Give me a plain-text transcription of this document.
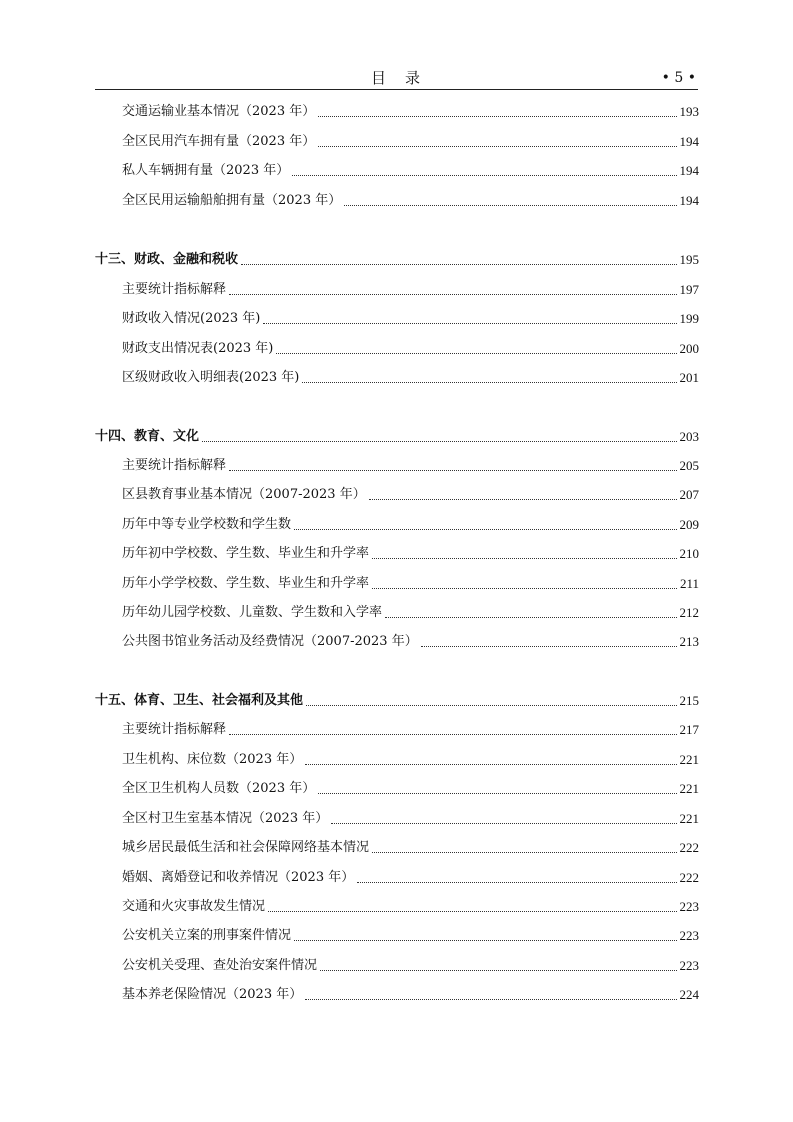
目　录	• 5 •
交通运输业基本情况（2023 年）	193
全区民用汽车拥有量（2023 年）	194
私人车辆拥有量（2023 年）	194
全区民用运输船舶拥有量（2023 年）	194
十三、财政、金融和税收	195
主要统计指标解释	197
财政收入情况(2023 年)	199
财政支出情况表(2023 年)	200
区级财政收入明细表(2023 年)	201
十四、教育、文化	203
主要统计指标解释	205
区县教育事业基本情况（2007-2023 年）	207
历年中等专业学校数和学生数	209
历年初中学校数、学生数、毕业生和升学率	210
历年小学学校数、学生数、毕业生和升学率	211
历年幼儿园学校数、儿童数、学生数和入学率	212
公共图书馆业务活动及经费情况（2007-2023 年）	213
十五、体育、卫生、社会福利及其他	215
主要统计指标解释	217
卫生机构、床位数（2023 年）	221
全区卫生机构人员数（2023 年）	221
全区村卫生室基本情况（2023 年）	221
城乡居民最低生活和社会保障网络基本情况	222
婚姻、离婚登记和收养情况（2023 年）	222
交通和火灾事故发生情况	223
公安机关立案的刑事案件情况	223
公安机关受理、查处治安案件情况	223
基本养老保险情况（2023 年）	224
